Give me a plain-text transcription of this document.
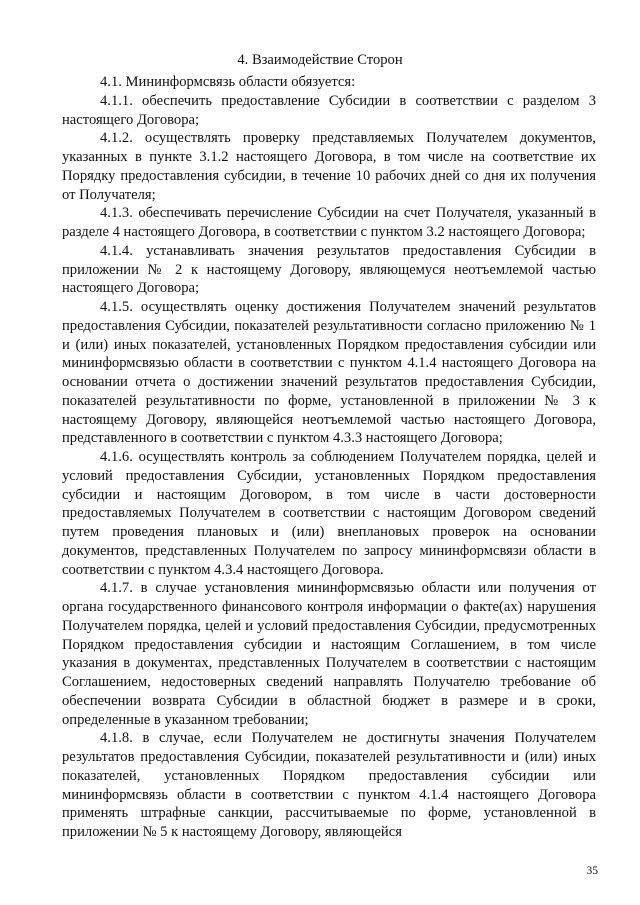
4. Взаимодействие Сторон

4.1. Мининформсвязь области обязуется:

4.1.1. обеспечить предоставление Субсидии в соответствии с разделом 3 настоящего Договора;

4.1.2. осуществлять проверку представляемых Получателем документов, указанных в пункте 3.1.2 настоящего Договора, в том числе на соответствие их Порядку предоставления субсидии, в течение 10 рабочих дней со дня их получения от Получателя;

4.1.3. обеспечивать перечисление Субсидии на счет Получателя, указанный в разделе 4 настоящего Договора, в соответствии с пунктом 3.2 настоящего Договора;

4.1.4. устанавливать значения результатов предоставления Субсидии в приложении № 2 к настоящему Договору, являющемуся неотъемлемой частью настоящего Договора;

4.1.5. осуществлять оценку достижения Получателем значений результатов предоставления Субсидии, показателей результативности согласно приложению № 1 и (или) иных показателей, установленных Порядком предоставления субсидии или мининформсвязью области в соответствии с пунктом 4.1.4 настоящего Договора на основании отчета о достижении значений результатов предоставления Субсидии, показателей результативности по форме, установленной в приложении № 3 к настоящему Договору, являющейся неотъемлемой частью настоящего Договора, представленного в соответствии с пунктом 4.3.3 настоящего Договора;

4.1.6. осуществлять контроль за соблюдением Получателем порядка, целей и условий предоставления Субсидии, установленных Порядком предоставления субсидии и настоящим Договором, в том числе в части достоверности предоставляемых Получателем в соответствии с настоящим Договором сведений путем проведения плановых и (или) внеплановых проверок на основании документов, представленных Получателем по запросу мининформсвязи области в соответствии с пунктом 4.3.4 настоящего Договора.

4.1.7. в случае установления мининформсвязью области или получения от органа государственного финансового контроля информации о факте(ах) нарушения Получателем порядка, целей и условий предоставления Субсидии, предусмотренных Порядком предоставления субсидии и настоящим Соглашением, в том числе указания в документах, представленных Получателем в соответствии с настоящим Соглашением, недостоверных сведений направлять Получателю требование об обеспечении возврата Субсидии в областной бюджет в размере и в сроки, определенные в указанном требовании;

4.1.8. в случае, если Получателем не достигнуты значения Получателем результатов предоставления Субсидии, показателей результативности и (или) иных показателей, установленных Порядком предоставления субсидии или мининформсвязь области в соответствии с пунктом 4.1.4 настоящего Договора применять штрафные санкции, рассчитываемые по форме, установленной в приложении № 5 к настоящему Договору, являющейся

35
